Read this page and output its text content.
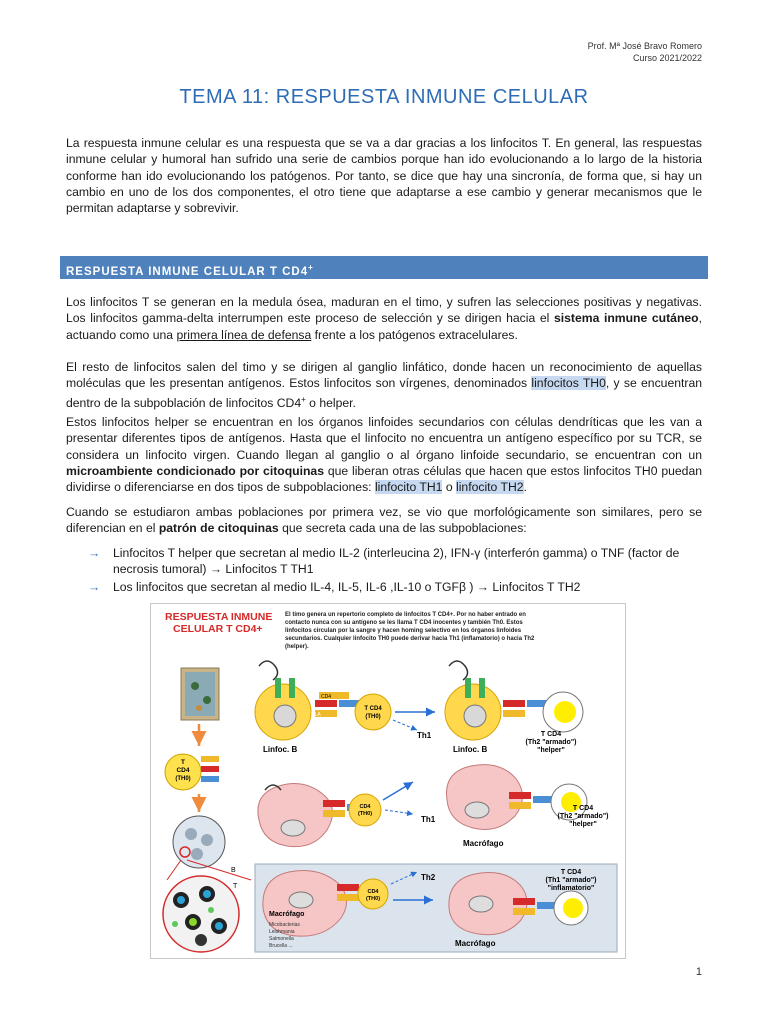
Prof. Mª José Bravo Romero
Curso 2021/2022
TEMA 11: RESPUESTA INMUNE CELULAR

La respuesta inmune celular es una respuesta que se va a dar gracias a los linfocitos T. En general, las respuestas inmune celular y humoral han sufrido una serie de cambios porque han ido evolucionando a lo largo de la historia conforme han ido evolucionando los patógenos. Por tanto, se dice que hay una sincronía, de forma que, si hay un cambio en uno de los dos componentes, el otro tiene que adaptarse a ese cambio y generar mecanismos que le permitan adaptarse y sobrevivir.

RESPUESTA INMUNE CELULAR T CD4+

Los linfocitos T se generan en la medula ósea, maduran en el timo, y sufren las selecciones positivas y negativas. Los linfocitos gamma-delta interrumpen este proceso de selección y se dirigen hacia el sistema inmune cutáneo, actuando como una primera línea de defensa frente a los patógenos extracelulares.

El resto de linfocitos salen del timo y se dirigen al ganglio linfático, donde hacen un reconocimiento de aquellas moléculas que les presentan antígenos. Estos linfocitos son vírgenes, denominados linfocitos TH0, y se encuentran dentro de la subpoblación de linfocitos CD4+ o helper.

Estos linfocitos helper se encuentran en los órganos linfoides secundarios con células dendríticas que les van a presentar diferentes tipos de antígenos. Hasta que el linfocito no encuentra un antígeno específico por su TCR, se considera un linfocito virgen. Cuando llegan al ganglio o al órgano linfoide secundario, se encuentran con un microambiente condicionado por citoquinas que liberan otras células que hacen que estos linfocitos TH0 puedan dividirse o diferenciarse en dos tipos de subpoblaciones: linfocito TH1 o linfocito TH2.

Cuando se estudiaron ambas poblaciones por primera vez, se vio que morfológicamente son similares, pero se diferencian en el patrón de citoquinas que secreta cada una de las subpoblaciones:

→ Linfocitos T helper que secretan al medio IL-2 (interleucina 2), IFN-γ (interferón gamma) o TNF (factor de necrosis tumoral) → Linfocitos T TH1
→ Los linfocitos que secretan al medio IL-4, IL-5, IL-6 ,IL-10 o TGFβ ) → Linfocitos T TH2
RESPUESTA INMUNE
CELULAR T CD4+
El timo genera un repertorio completo de linfocitos T CD4+. Por no haber entrado en
contacto nunca con su antígeno se les llama T CD4 inocentes y también Th0. Estos
linfocitos circulan por la sangre y hacen homing selectivo en los órganos linfoides
secundarios. Cualquier linfocito TH0 puede derivar hacia Th1 (inflamatorio) o hacia Th2
(helper).
T
CD4
(TH0)
B
T
CD4
HLA
T CD4
(TH0)
Linfoc. B
Th1
Linfoc. B
T CD4
(Th2 "armado")
"helper"
CD4
(TH0)
Th1
Macrófago
T CD4
(Th2 "armado")
"helper"
CD4
(TH0)
Macrófago
Micobacterias
Leishmania
Salmonella
Brucella ...
Th2
T CD4
(Th1 "armado")
"inflamatorio"
Macrófago
1
